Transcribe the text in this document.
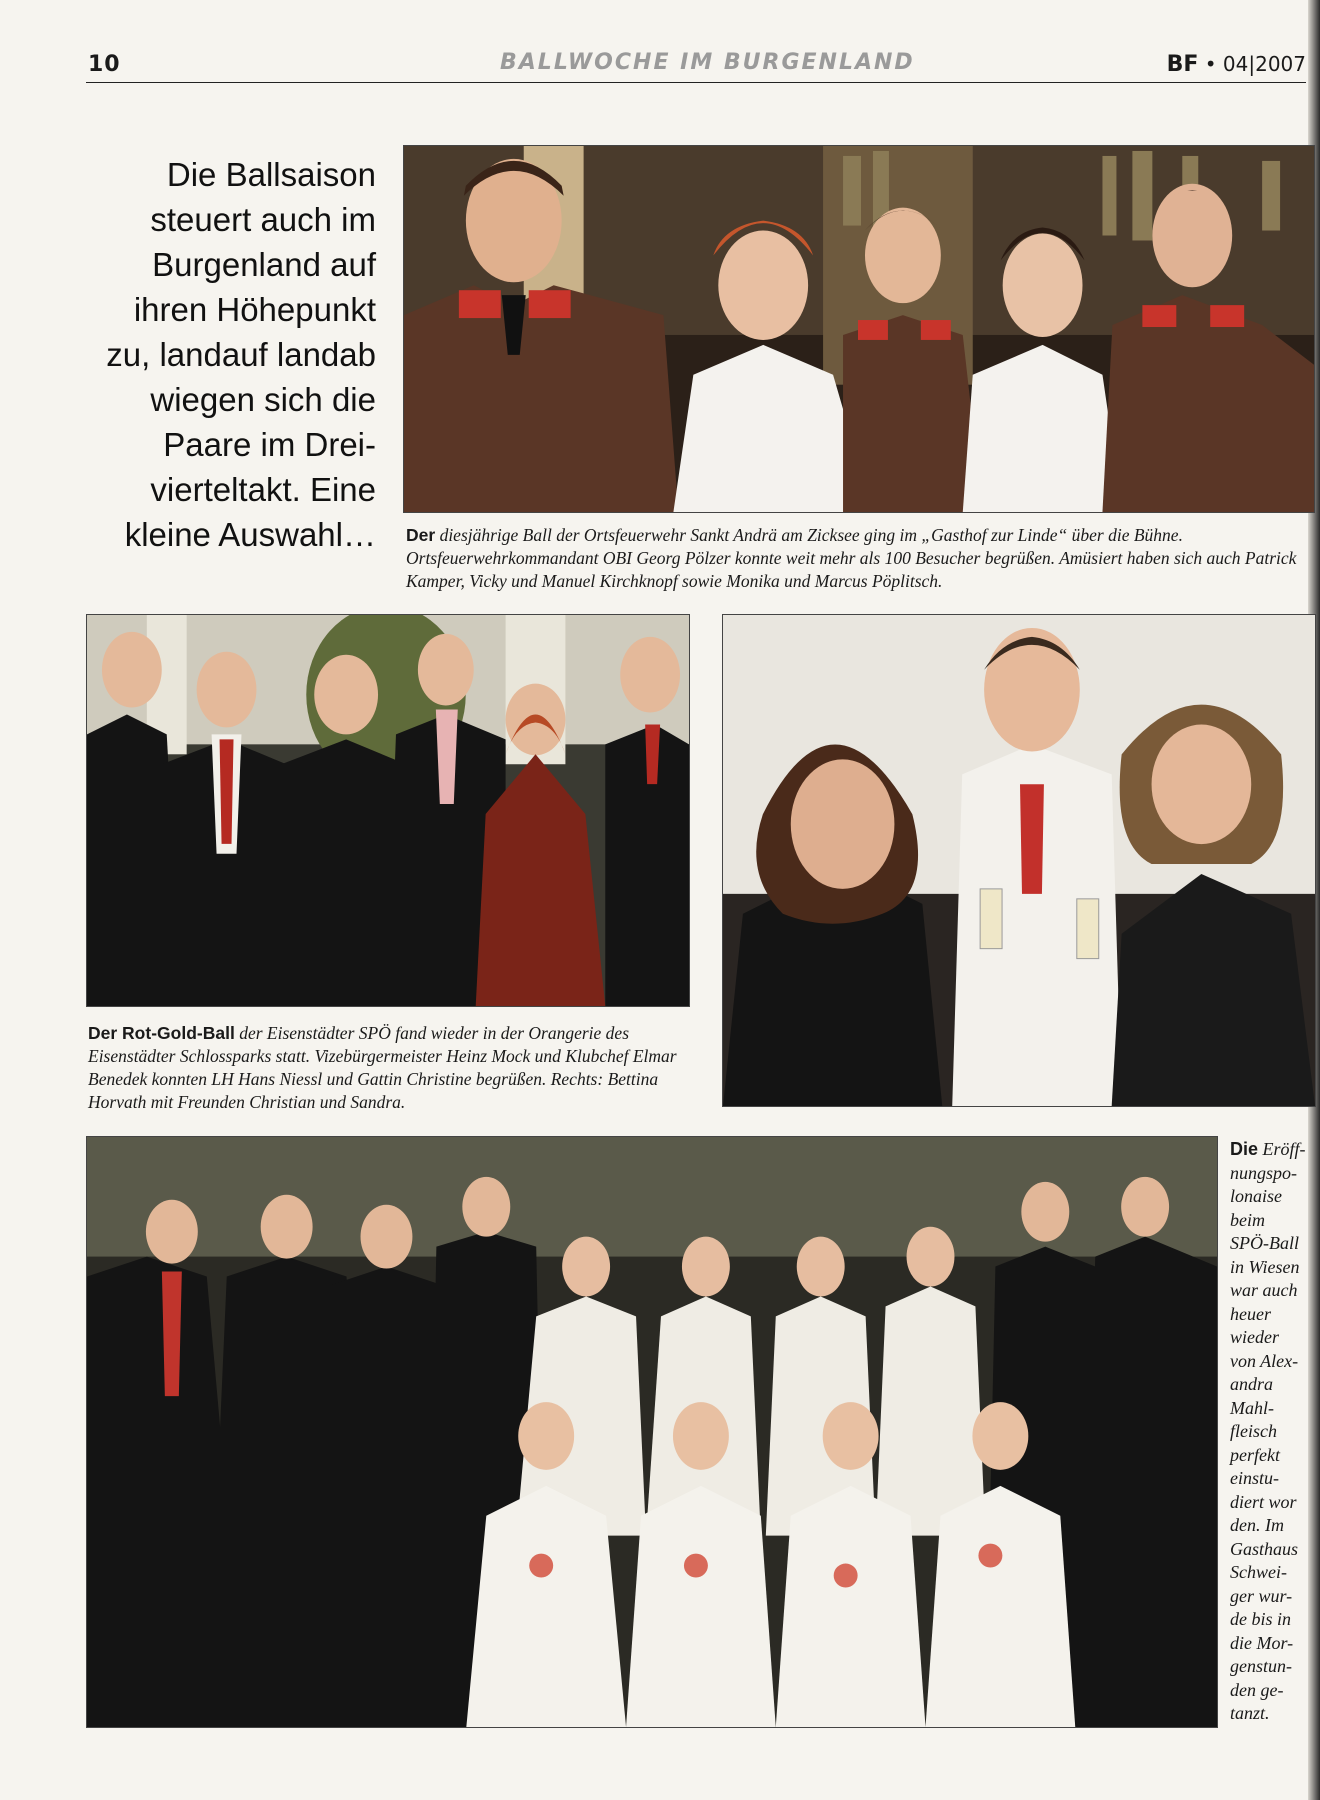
10	BALLWOCHE IM BURGENLAND	BF • 04|2007

Die Ballsaison
steuert auch im
Burgenland auf
ihren Höhepunkt
zu, landauf landab
wiegen sich die
Paare im Drei-
vierteltakt. Eine
kleine Auswahl… Der diesjährige Ball der Ortsfeuerwehr Sankt Andrä am Zicksee ging im „Gasthof zur Linde“ über die Bühne. Ortsfeuerwehrkommandant OBI Georg Pölzer konnte weit mehr als 100 Besucher begrüßen. Amüsiert haben sich auch Patrick Kamper, Vicky und Manuel Kirchknopf sowie Monika und Marcus Pöplitsch.

Der Rot-Gold-Ball der Eisenstädter SPÖ fand wieder in der Orangerie des Eisenstädter Schlossparks statt. Vizebürgermeister Heinz Mock und Klubchef Elmar Benedek konnten LH Hans Niessl und Gattin Christine begrüßen. Rechts: Bettina Horvath mit Freunden Christian und Sandra.

Die Eröff-
nungspo-
lonaise
beim
SPÖ-Ball
in Wiesen
war auch
heuer
wieder
von Alex-
andra
Mahl-
fleisch
perfekt
einstu-
diert wor
den. Im
Gasthaus
Schwei-
ger wur-
de bis in
die Mor-
genstun-
den ge-
tanzt.
